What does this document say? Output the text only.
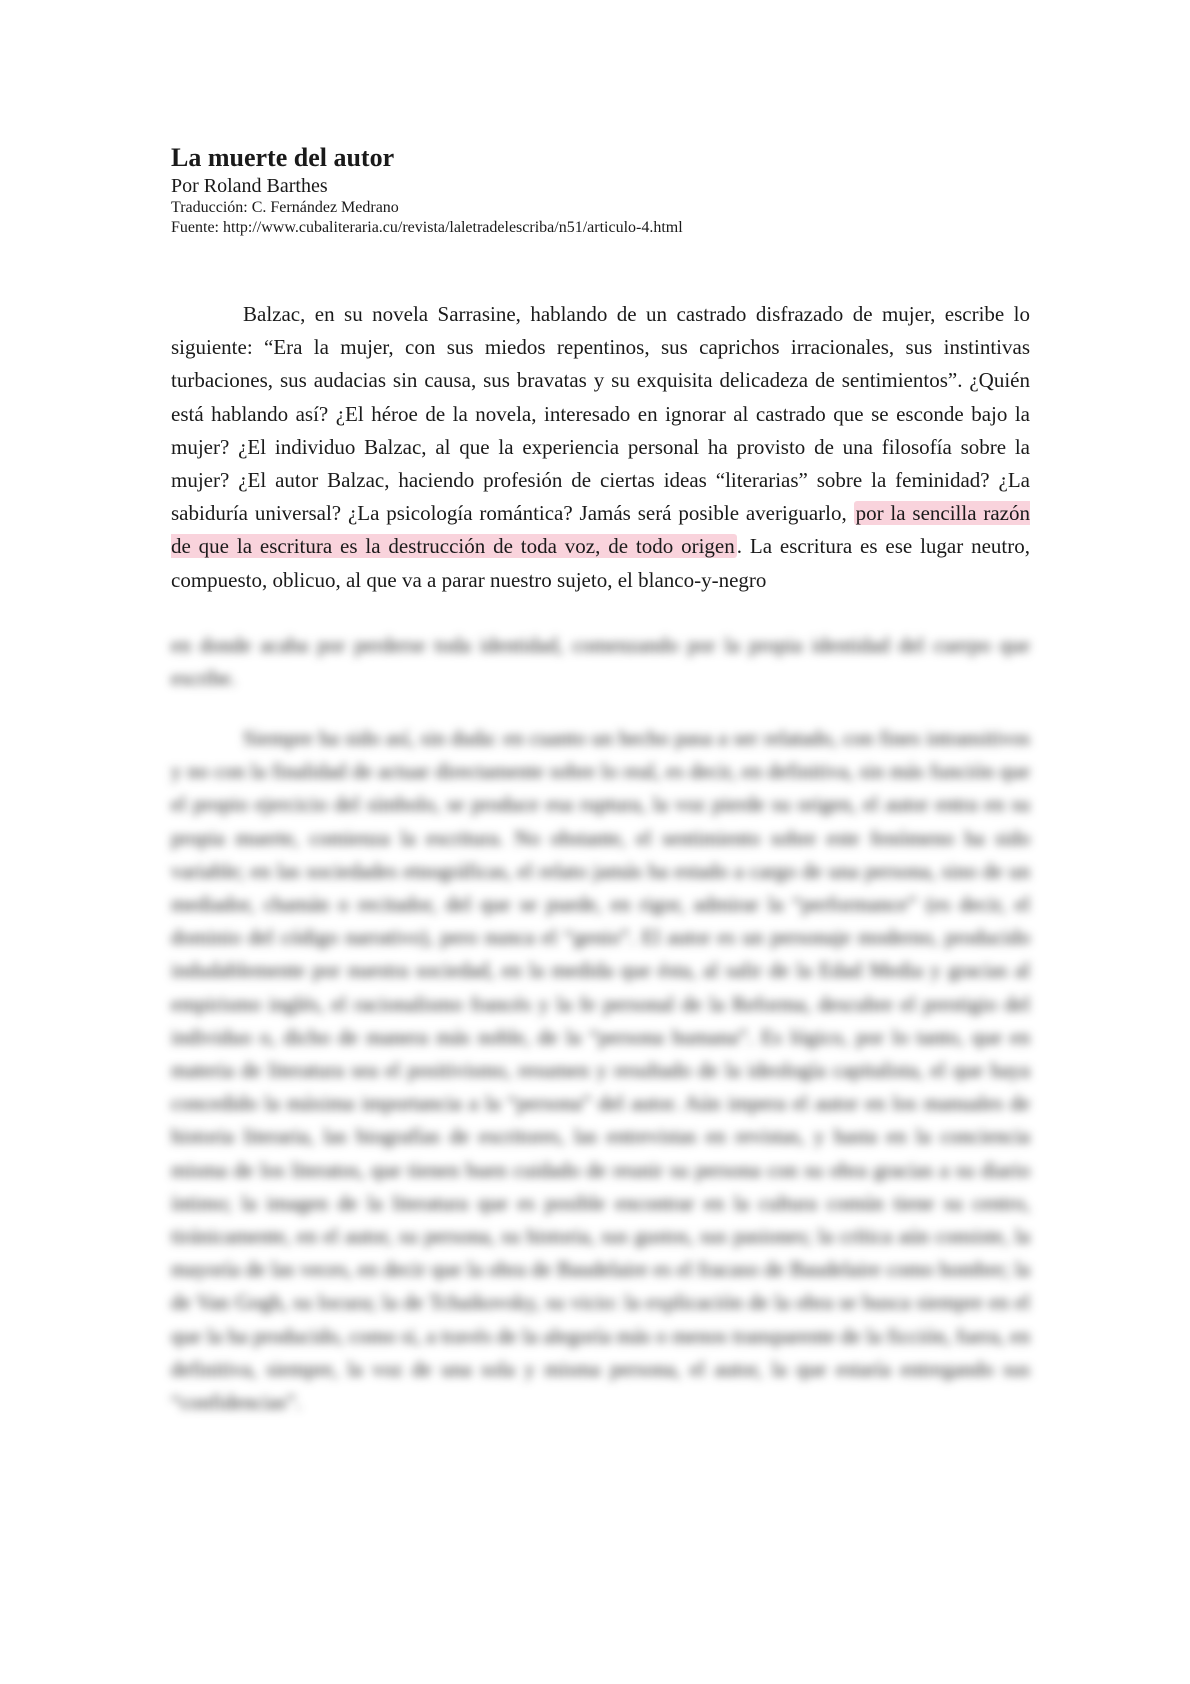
La muerte del autor

Por Roland Barthes

Traducción: C. Fernández Medrano

Fuente: http://www.cubaliteraria.cu/revista/laletradelescriba/n51/articulo-4.html

Balzac, en su novela Sarrasine, hablando de un castrado disfrazado de mujer, escribe lo siguiente: “Era la mujer, con sus miedos repentinos, sus caprichos irracionales, sus instintivas turbaciones, sus audacias sin causa, sus bravatas y su exquisita delicadeza de sentimientos”. ¿Quién está hablando así? ¿El héroe de la novela, interesado en ignorar al castrado que se esconde bajo la mujer? ¿El individuo Balzac, al que la experiencia personal ha provisto de una filosofía sobre la mujer? ¿El autor Balzac, haciendo profesión de ciertas ideas “literarias” sobre la feminidad? ¿La sabiduría universal? ¿La psicología romántica? Jamás será posible averiguarlo, por la sencilla razón de que la escritura es la destrucción de toda voz, de todo origen. La escritura es ese lugar neutro, compuesto, oblicuo, al que va a parar nuestro sujeto, el blanco-y-negro

en donde acaba por perderse toda identidad, comenzando por la propia identidad del cuerpo que escribe.

Siempre ha sido así, sin duda: en cuanto un hecho pasa a ser relatado, con fines intransitivos y no con la finalidad de actuar directamente sobre lo real, es decir, en definitiva, sin más función que el propio ejercicio del símbolo, se produce esa ruptura, la voz pierde su origen, el autor entra en su propia muerte, comienza la escritura. No obstante, el sentimiento sobre este fenómeno ha sido variable; en las sociedades etnográficas, el relato jamás ha estado a cargo de una persona, sino de un mediador, chamán o recitador, del que se puede, en rigor, admirar la “performance” (es decir, el dominio del código narrativo), pero nunca el “genio”. El autor es un personaje moderno, producido indudablemente por nuestra sociedad, en la medida que ésta, al salir de la Edad Media y gracias al empirismo inglés, el racionalismo francés y la fe personal de la Reforma, descubre el prestigio del individuo o, dicho de manera más noble, de la “persona humana”. Es lógico, por lo tanto, que en materia de literatura sea el positivismo, resumen y resultado de la ideología capitalista, el que haya concedido la máxima importancia a la “persona” del autor. Aún impera el autor en los manuales de historia literaria, las biografías de escritores, las entrevistas en revistas, y hasta en la conciencia misma de los literatos, que tienen buen cuidado de reunir su persona con su obra gracias a su diario íntimo; la imagen de la literatura que es posible encontrar en la cultura común tiene su centro, tiránicamente, en el autor, su persona, su historia, sus gustos, sus pasiones; la crítica aún consiste, la mayoría de las veces, en decir que la obra de Baudelaire es el fracaso de Baudelaire como hombre; la de Van Gogh, su locura; la de Tchaikovsky, su vicio: la explicación de la obra se busca siempre en el que la ha producido, como si, a través de la alegoría más o menos transparente de la ficción, fuera, en definitiva, siempre, la voz de una sola y misma persona, el autor, la que estaría entregando sus “confidencias”.
